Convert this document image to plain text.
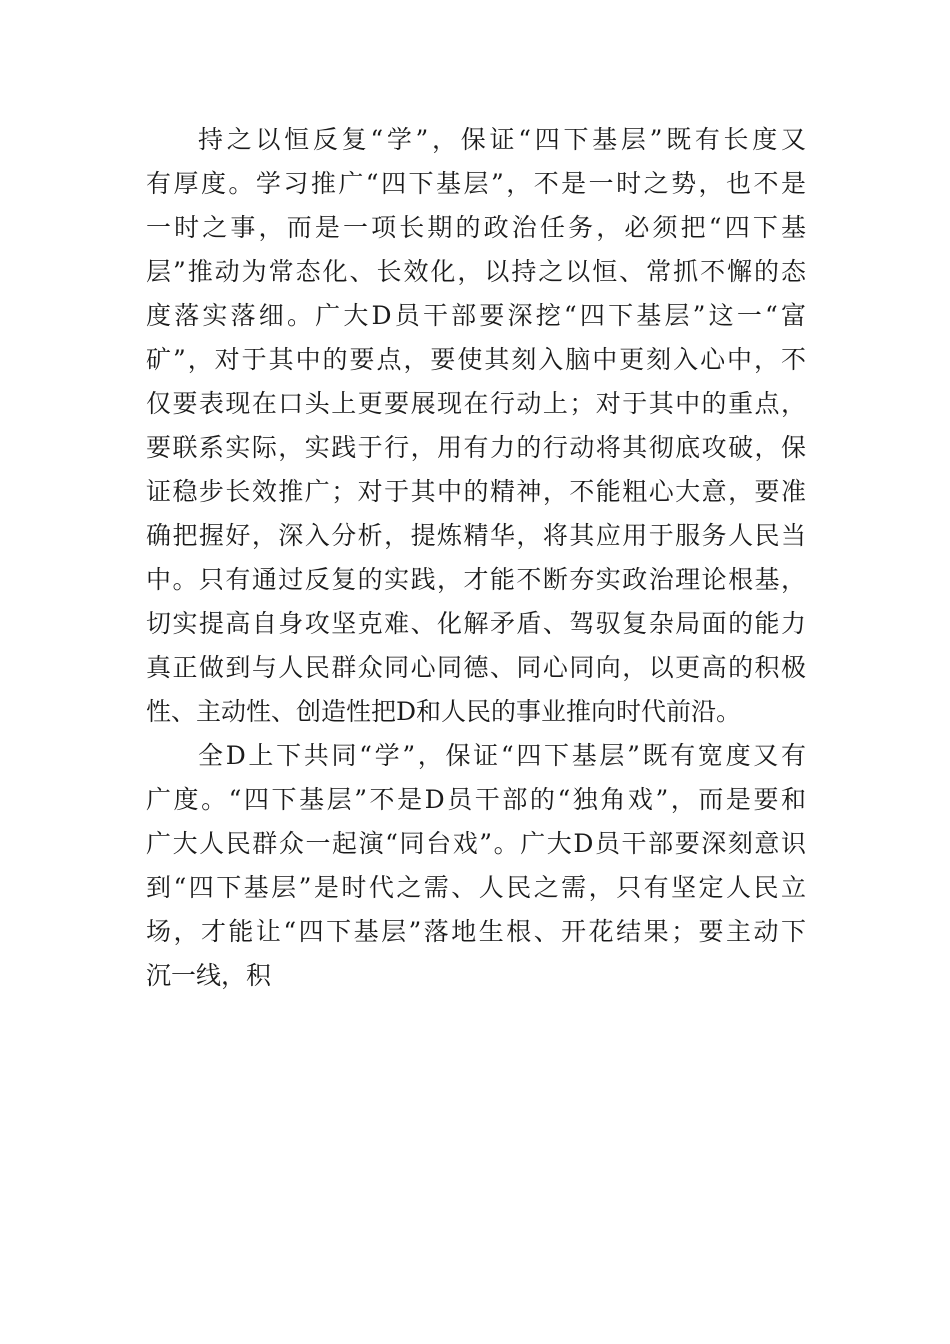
持之以恒反复“学”，保证“四下基层”既有长度又
有厚度。学习推广“四下基层”，不是一时之势，也不是
一时之事，而是一项长期的政治任务，必须把“四下基
层”推动为常态化、长效化，以持之以恒、常抓不懈的态
度落实落细。广大D员干部要深挖“四下基层”这一“富
矿”，对于其中的要点，要使其刻入脑中更刻入心中，不
仅要表现在口头上更要展现在行动上；对于其中的重点，
要联系实际，实践于行，用有力的行动将其彻底攻破，保
证稳步长效推广；对于其中的精神，不能粗心大意，要准
确把握好，深入分析，提炼精华，将其应用于服务人民当
中。只有通过反复的实践，才能不断夯实政治理论根基，
切实提高自身攻坚克难、化解矛盾、驾驭复杂局面的能力
真正做到与人民群众同心同德、同心同向，以更高的积极
性、主动性、创造性把D和人民的事业推向时代前沿。
全D上下共同“学”，保证“四下基层”既有宽度又有
广度。“四下基层”不是D员干部的“独角戏”，而是要和
广大人民群众一起演“同台戏”。广大D员干部要深刻意识
到“四下基层”是时代之需、人民之需，只有坚定人民立
场，才能让“四下基层”落地生根、开花结果；要主动下
沉一线，积
